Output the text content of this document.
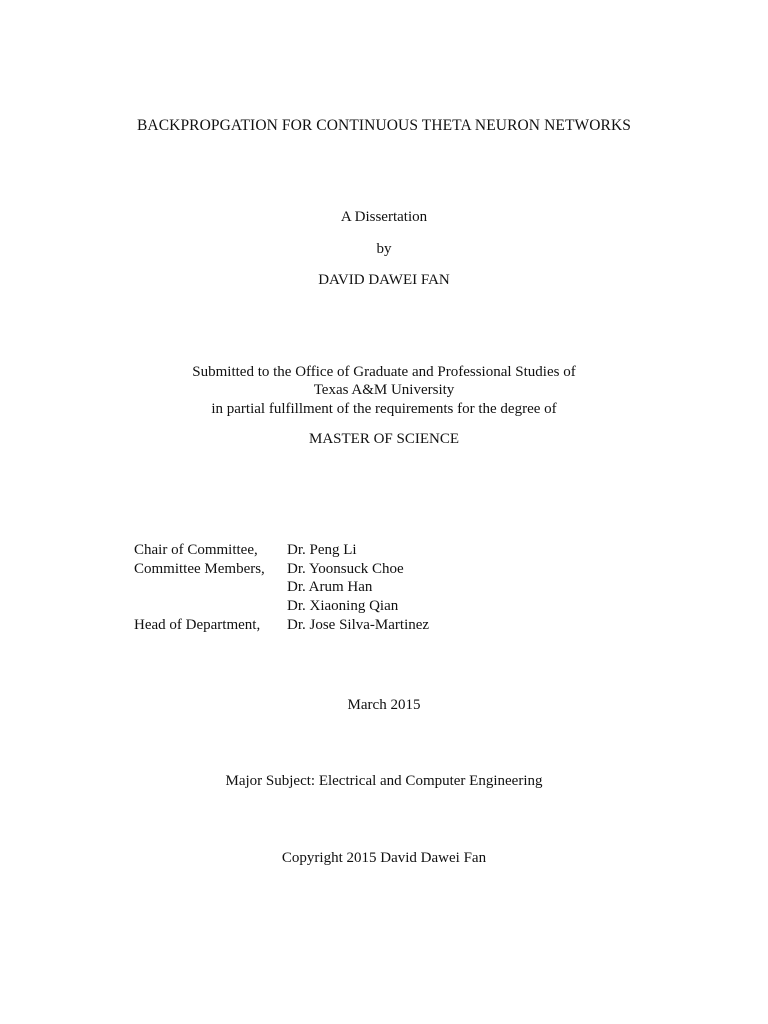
BACKPROPGATION FOR CONTINUOUS THETA NEURON NETWORKS
A Dissertation
by
DAVID DAWEI FAN
Submitted to the Office of Graduate and Professional Studies of
Texas A&M University
in partial fulfillment of the requirements for the degree of
MASTER OF SCIENCE
Chair of Committee,	Dr. Peng Li
Committee Members,	Dr. Yoonsuck Choe
Dr. Arum Han
Dr. Xiaoning Qian
Head of Department,	Dr. Jose Silva-Martinez
March 2015
Major Subject: Electrical and Computer Engineering
Copyright 2015 David Dawei Fan
